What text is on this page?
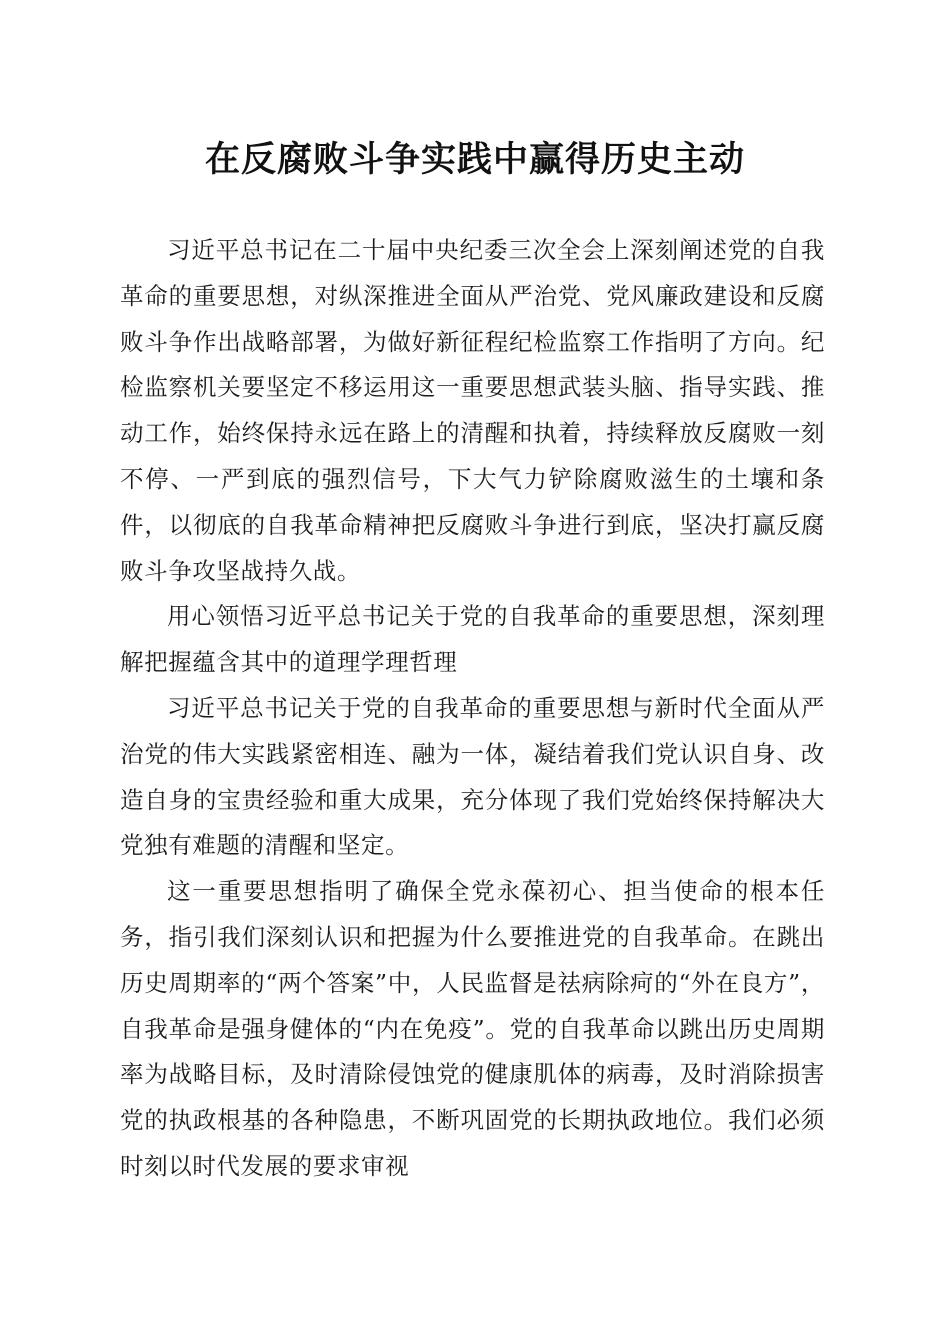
在反腐败斗争实践中赢得历史主动

习近平总书记在二十届中央纪委三次全会上深刻阐述党的自我革命的重要思想，对纵深推进全面从严治党、党风廉政建设和反腐败斗争作出战略部署，为做好新征程纪检监察工作指明了方向。纪检监察机关要坚定不移运用这一重要思想武装头脑、指导实践、推动工作，始终保持永远在路上的清醒和执着，持续释放反腐败一刻不停、一严到底的强烈信号，下大气力铲除腐败滋生的土壤和条件，以彻底的自我革命精神把反腐败斗争进行到底，坚决打赢反腐败斗争攻坚战持久战。

用心领悟习近平总书记关于党的自我革命的重要思想，深刻理解把握蕴含其中的道理学理哲理

习近平总书记关于党的自我革命的重要思想与新时代全面从严治党的伟大实践紧密相连、融为一体，凝结着我们党认识自身、改造自身的宝贵经验和重大成果，充分体现了我们党始终保持解决大党独有难题的清醒和坚定。

这一重要思想指明了确保全党永葆初心、担当使命的根本任务，指引我们深刻认识和把握为什么要推进党的自我革命。在跳出历史周期率的“两个答案”中，人民监督是祛病除疴的“外在良方”，自我革命是强身健体的“内在免疫”。党的自我革命以跳出历史周期率为战略目标，及时清除侵蚀党的健康肌体的病毒，及时消除损害党的执政根基的各种隐患，不断巩固党的长期执政地位。我们必须时刻以时代发展的要求审视
